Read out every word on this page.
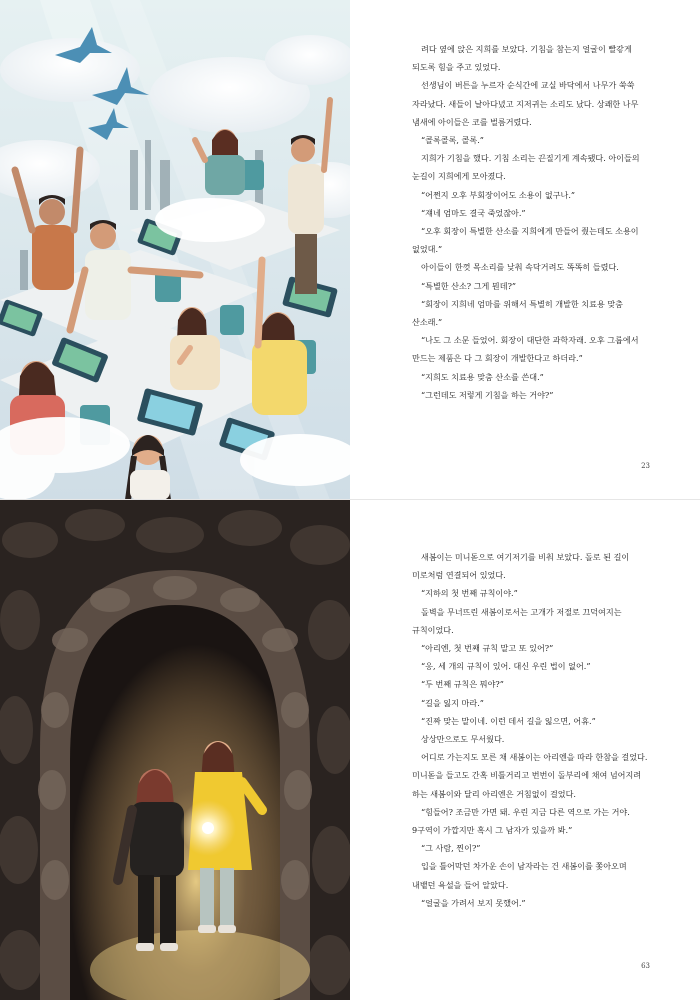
려다 옆에 앉은 지희를 보았다. 기침을 참는지 얼굴이 빨갛게 되도록 힘을 주고 있었다.

선생님이 버튼을 누르자 순식간에 교실 바닥에서 나무가 쑥쑥 자라났다. 새들이 날아다녔고 지저귀는 소리도 났다. 상쾌한 나무 냄새에 아이들은 코를 벌름거렸다.

“콜록콜록, 콜록.”

지희가 기침을 했다. 기침 소리는 끈질기게 계속됐다. 아이들의 눈길이 지희에게 모아졌다.

“어쩐지 오후 부회장이어도 소용이 없구나.”

“쟤네 엄마도 결국 죽었잖아.”

“오후 회장이 특별한 산소를 지희에게 만들어 줬는데도 소용이 없었대.”

아이들이 한껏 목소리를 낮춰 속닥거려도 똑똑히 들렸다.

“특별한 산소? 그게 뭔데?”

“회장이 지희네 엄마를 위해서 특별히 개발한 치료용 맞춤 산소래.”

“나도 그 소문 들었어. 회장이 대단한 과학자래. 오후 그룹에서 만드는 제품은 다 그 회장이 개발한다고 하더라.”

“지희도 치료용 맞춤 산소를 쓴대.”

“그런데도 저렇게 기침을 하는 거야?”

23

새봄이는 미니돋으로 여기저기를 비춰 보았다. 돌로 된 길이 미로처럼 연결되어 있었다.

“지하의 첫 번째 규칙이야.”

돌벽을 무너뜨린 새봄이로서는 고개가 저절로 끄덕여지는 규칙이었다.

“아리엔, 첫 번째 규칙 말고 또 있어?”

“응, 세 개의 규칙이 있어. 대신 우린 법이 없어.”

“두 번째 규칙은 뭐야?”

“길을 잃지 마라.”

“진짜 맞는 말이네. 이런 데서 길을 잃으면, 어휴.”

상상만으로도 무서웠다.

어디로 가는지도 모른 채 새봄이는 아리엔을 따라 한참을 걸었다. 미니돋을 들고도 간혹 비틀거리고 번번이 돌부리에 채여 넘어지려 하는 새봄이와 달리 아리엔은 거침없이 걸었다.

“힘들어? 조금만 가면 돼. 우린 지금 다른 역으로 가는 거야. 9구역이 가깝지만 혹시 그 남자가 있을까 봐.”

“그 사람, 찐이?”

입을 틀어막던 차가운 손이 남자라는 건 새봄이를 쫓아오며 내뱉던 욕설을 들어 알았다.

“얼굴을 가려서 보지 못했어.”

63
